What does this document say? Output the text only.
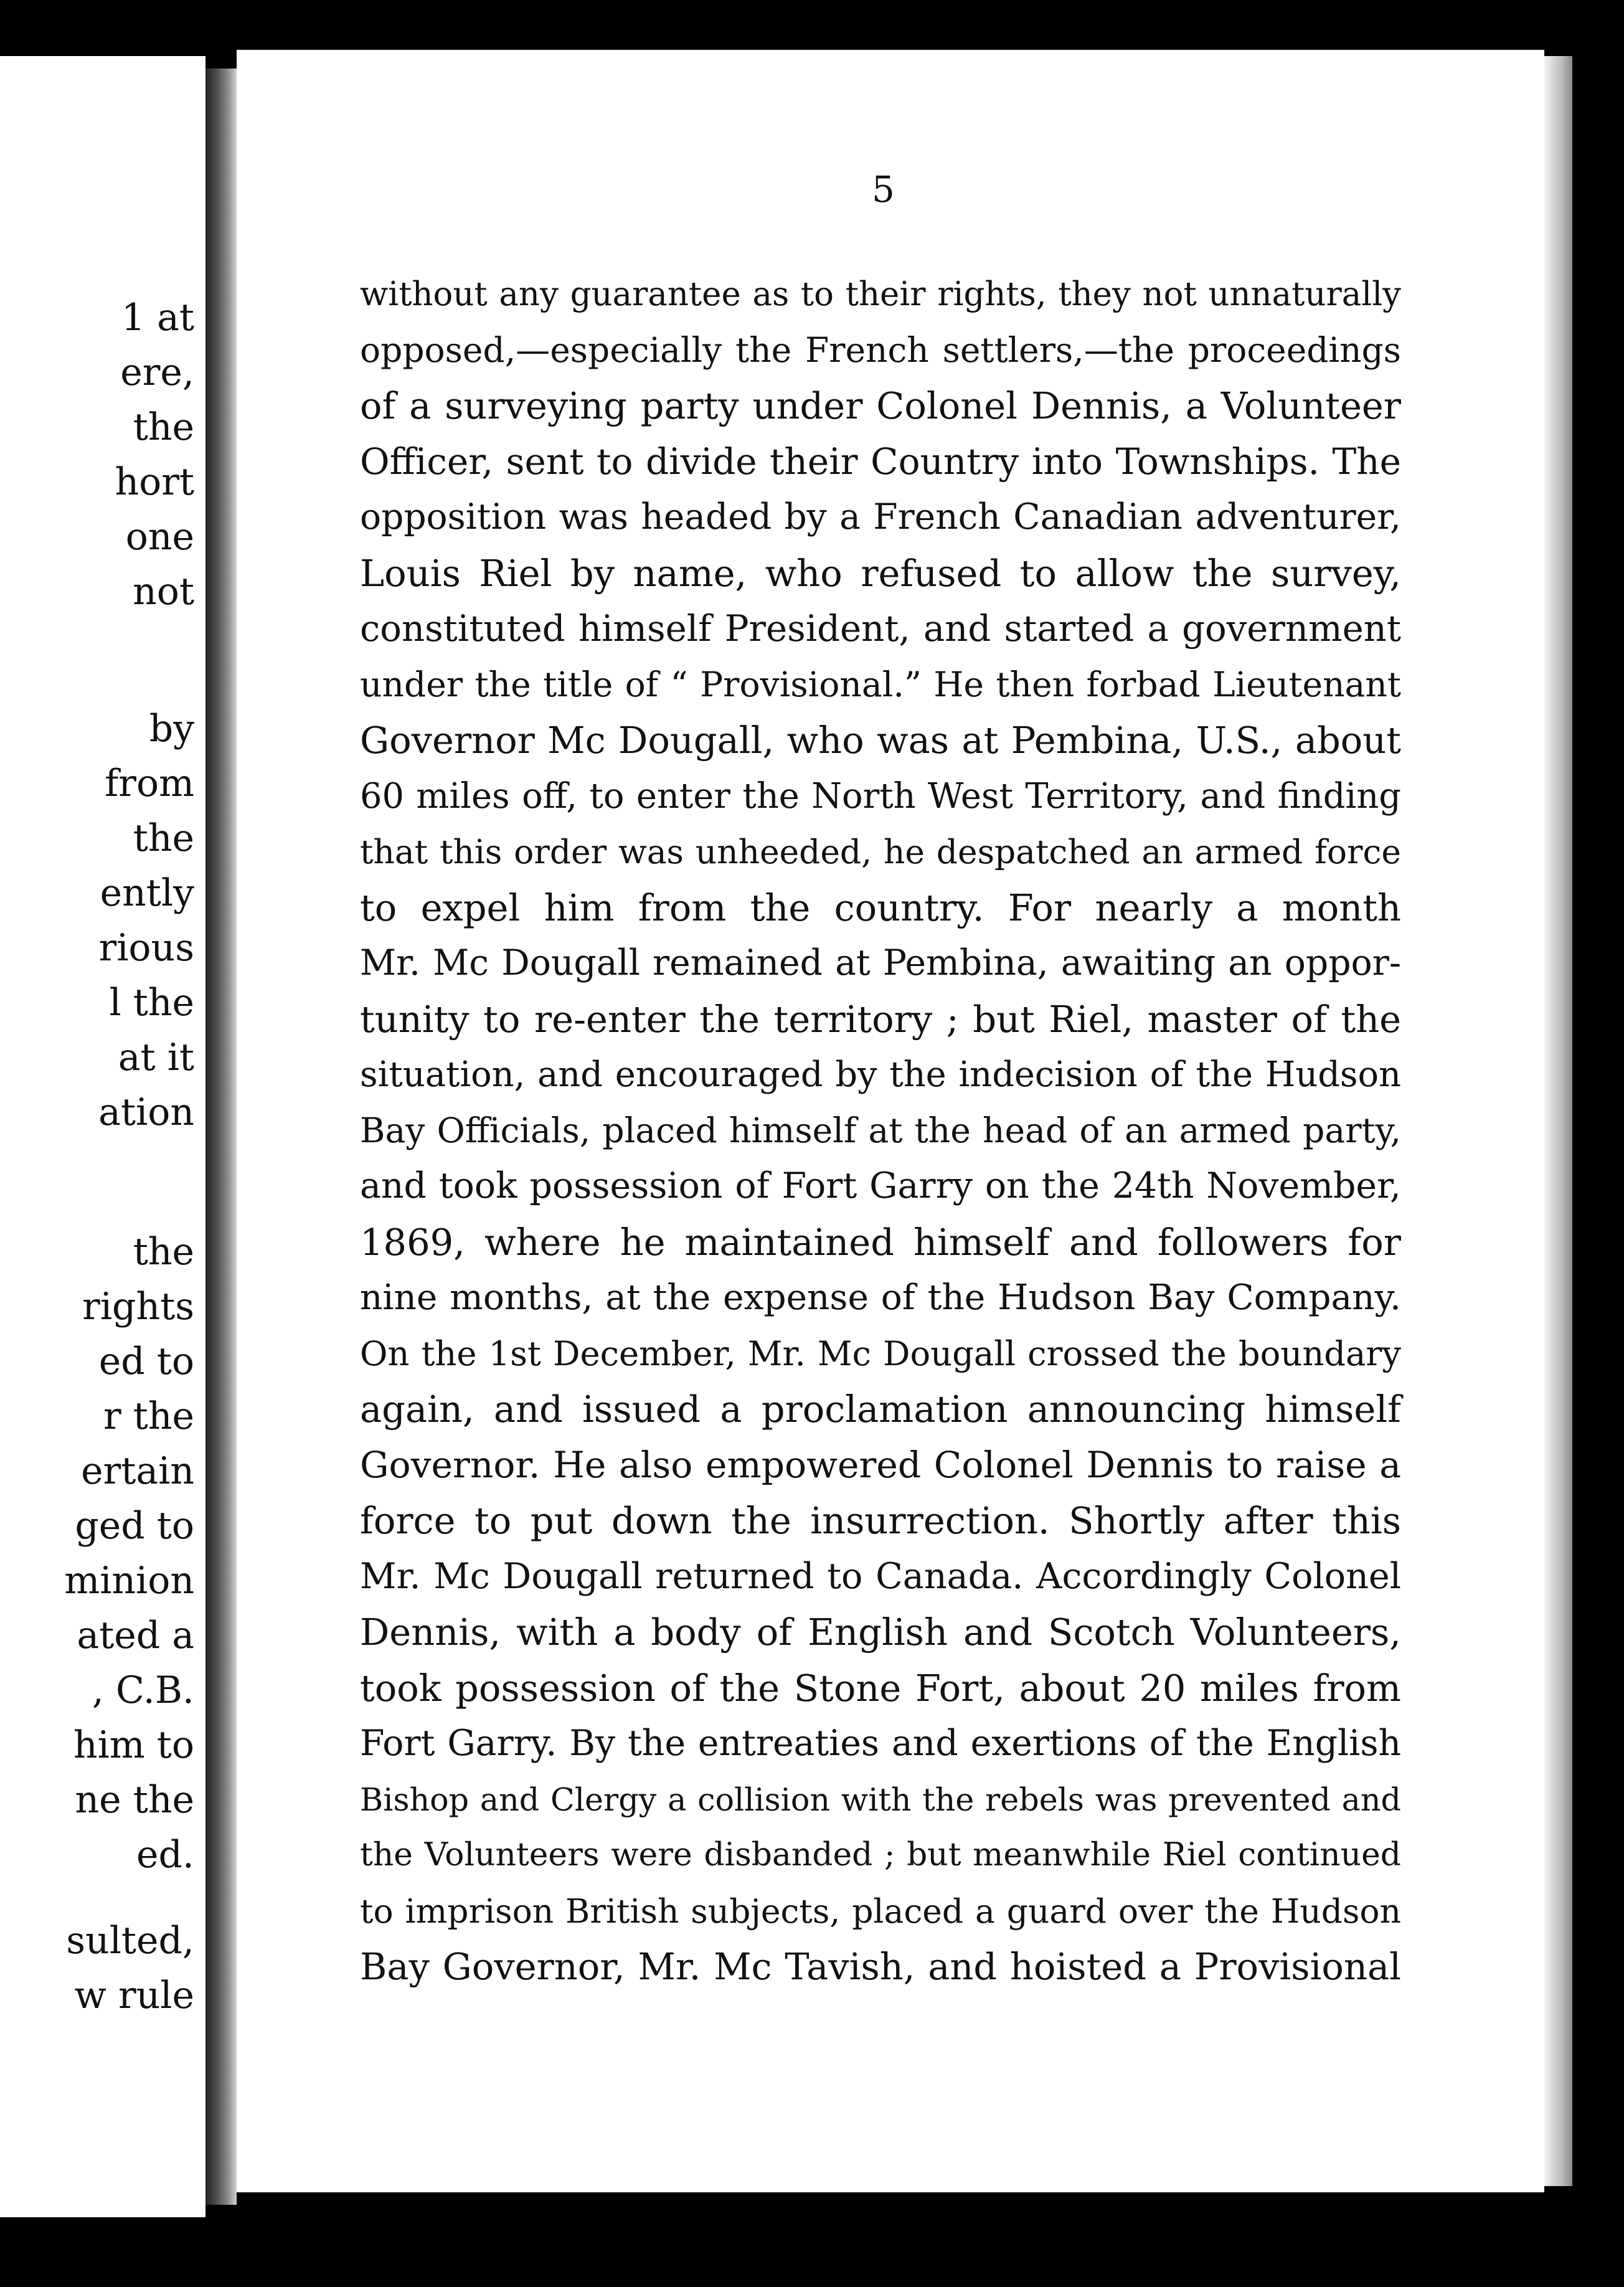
1 at
ere,
the
hort
one
not
by
from
the
ently
rious
l the
at it
ation
the
rights
ed to
r the
ertain
ged to
minion
ated a
, C.B.
him to
ne the
ed.
sulted,
w rule
5
without any guarantee as to their rights, they not unnaturally
opposed,—especially the French settlers,—the proceedings
of a surveying party under Colonel Dennis, a Volunteer
Officer, sent to divide their Country into Townships. The
opposition was headed by a French Canadian adventurer,
Louis Riel by name, who refused to allow the survey,
constituted himself President, and started a government
under the title of “ Provisional.” He then forbad Lieutenant
Governor Mc Dougall, who was at Pembina, U.S., about
60 miles off, to enter the North West Territory, and finding
that this order was unheeded, he despatched an armed force
to expel him from the country. For nearly a month
Mr. Mc Dougall remained at Pembina, awaiting an oppor-
tunity to re-enter the territory ; but Riel, master of the
situation, and encouraged by the indecision of the Hudson
Bay Officials, placed himself at the head of an armed party,
and took possession of Fort Garry on the 24th November,
1869, where he maintained himself and followers for
nine months, at the expense of the Hudson Bay Company.
On the 1st December, Mr. Mc Dougall crossed the boundary
again, and issued a proclamation announcing himself
Governor. He also empowered Colonel Dennis to raise a
force to put down the insurrection. Shortly after this
Mr. Mc Dougall returned to Canada. Accordingly Colonel
Dennis, with a body of English and Scotch Volunteers,
took possession of the Stone Fort, about 20 miles from
Fort Garry. By the entreaties and exertions of the English
Bishop and Clergy a collision with the rebels was prevented and
the Volunteers were disbanded ; but meanwhile Riel continued
to imprison British subjects, placed a guard over the Hudson
Bay Governor, Mr. Mc Tavish, and hoisted a Provisional
